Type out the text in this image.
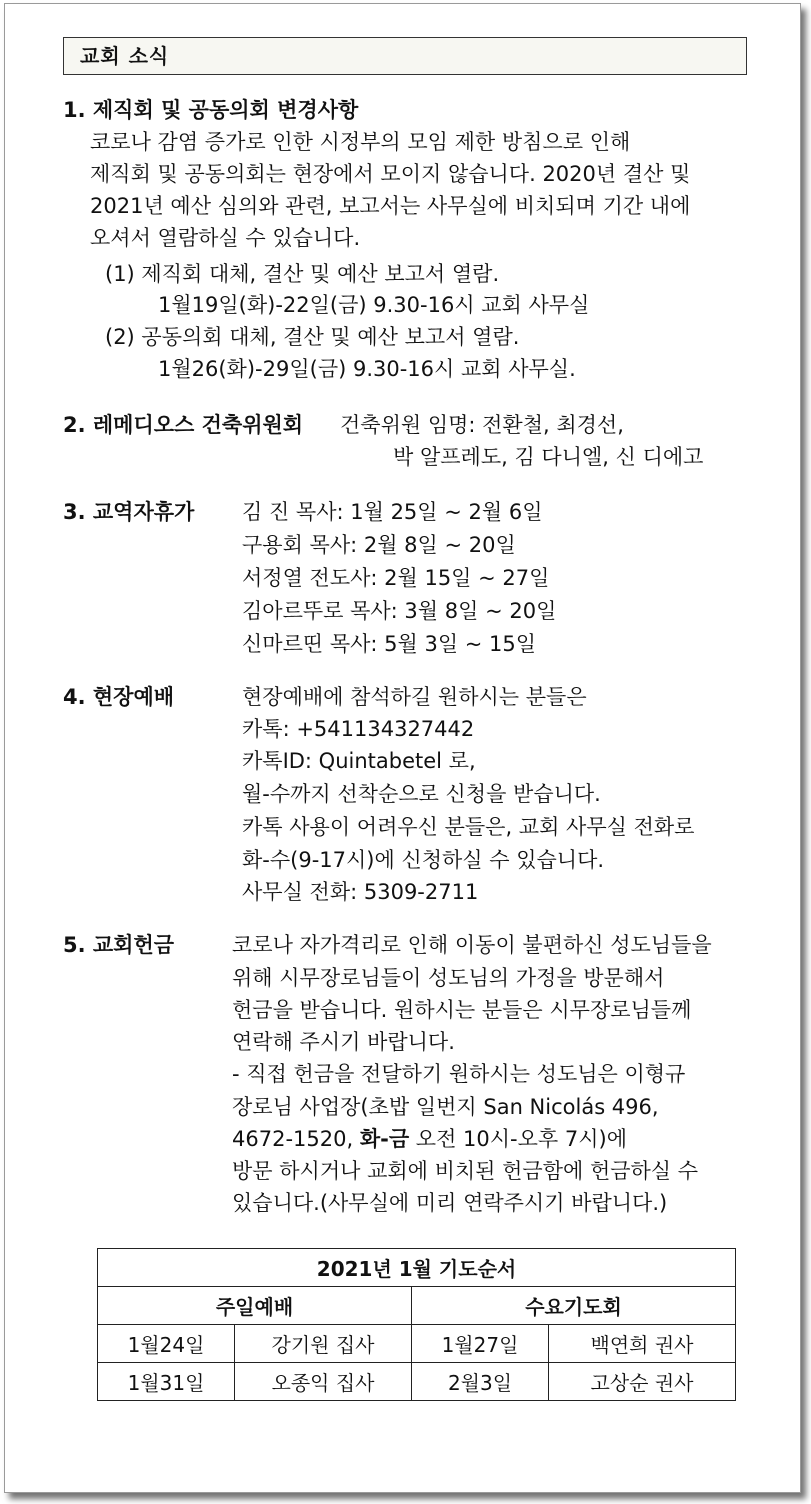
교회 소식
1. 제직회 및 공동의회 변경사항
코로나 감염 증가로 인한 시정부의 모임 제한 방침으로 인해
제직회 및 공동의회는 현장에서 모이지 않습니다. 2020년 결산 및
2021년 예산 심의와 관련, 보고서는 사무실에 비치되며 기간 내에
오셔서 열람하실 수 있습니다.
(1) 제직회 대체, 결산 및 예산 보고서 열람.
1월19일(화)-22일(금) 9.30-16시 교회 사무실
(2) 공동의회 대체, 결산 및 예산 보고서 열람.
1월26(화)-29일(금) 9.30-16시 교회 사무실.
2. 레메디오스 건축위원회 건축위원 임명: 전환철, 최경선,
박 알프레도, 김 다니엘, 신 디에고
3. 교역자휴가 김 진 목사: 1월 25일 ~ 2월 6일
구용회 목사: 2월 8일 ~ 20일
서정열 전도사: 2월 15일 ~ 27일
김아르뚜로 목사: 3월 8일 ~ 20일
신마르띤 목사: 5월 3일 ~ 15일
4. 현장예배	현장예배에 참석하길 원하시는 분들은
카톡: +541134327442
카톡ID: Quintabetel 로,
월-수까지 선착순으로 신청을 받습니다.
카톡 사용이 어려우신 분들은, 교회 사무실 전화로
화-수(9-17시)에 신청하실 수 있습니다.
사무실 전화: 5309-2711
5. 교회헌금	코로나 자가격리로 인해 이동이 불편하신 성도님들을
위해 시무장로님들이 성도님의 가정을 방문해서
헌금을 받습니다. 원하시는 분들은 시무장로님들께
연락해 주시기 바랍니다.
- 직접 헌금을 전달하기 원하시는 성도님은 이형규
장로님 사업장(초밥 일번지 San Nicolás 496,
4672-1520, 화-금 오전 10시-오후 7시)에
방문 하시거나 교회에 비치된 헌금함에 헌금하실 수
있습니다.(사무실에 미리 연락주시기 바랍니다.)
2021년 1월 기도순서			
주일예배		수요기도회	
1월24일	강기원 집사	1월27일	백연희 권사
1월31일	오종익 집사	2월3일	고상순 권사
